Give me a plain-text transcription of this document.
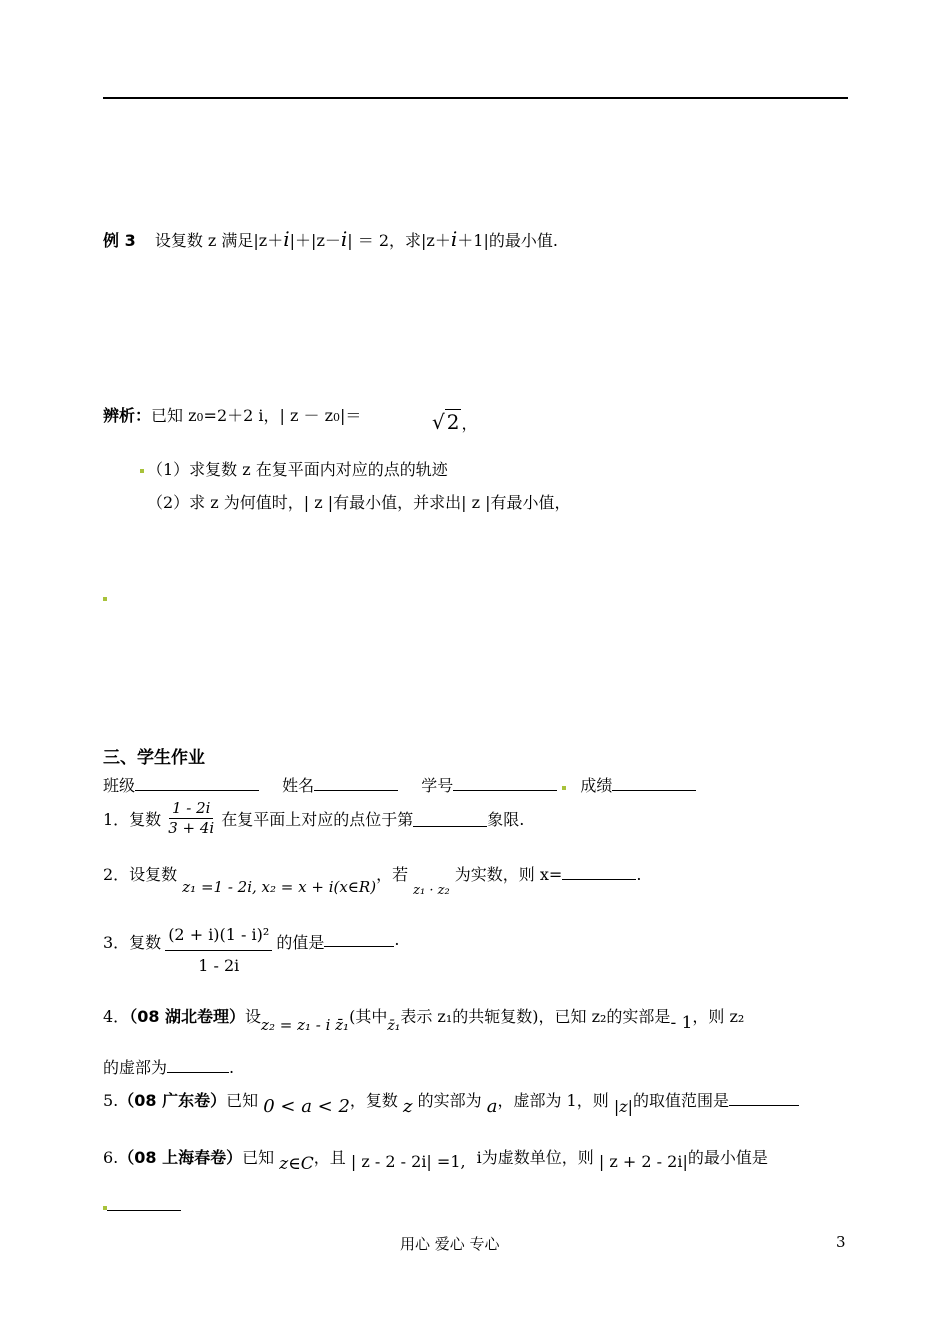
例 3 设复数 z 满足|z＋i|＋|z－i| ＝ 2，求|z＋i＋1|的最小值.
辨析：已知 z0=2＋2 i，| z － z0|＝	√ 2 ，
（1）求复数 z 在复平面内对应的点的轨迹
（2）求 z 为何值时，| z |有最小值，并求出| z |有最小值，
三、学生作业
班级	姓名	学号	成绩
1．复数 $\frac{1 - 2i}{3 + 4i}$ 在复平面上对应的点位于第	象限.
2．设复数 z₁ =1 - 2i, x₂ = x + i(x∈R)，若 $_{z_1 \cdot z_2}$ 为实数，则 x=	.
3．复数 $\frac{\text{(2 + i)(1 - i)²}}{1 - 2i}$ 的值是	.
4．（08 湖北卷理）设z₂ = z₁ - i z̄₁(其中z̄₁表示 z₁的共轭复数)，已知 z₂的实部是- 1，则 z₂
的虚部为	.
5.（08 广东卷）已知 0 < a < 2，复数 z 的实部为 a，虚部为 1，则 |z|的取值范围是
6.（08 上海春卷）已知 z∈C，且 | z - 2 - 2i| =1, i为虚数单位，则 | z + 2 - 2i|的最小值是
用心 爱心 专心	3
